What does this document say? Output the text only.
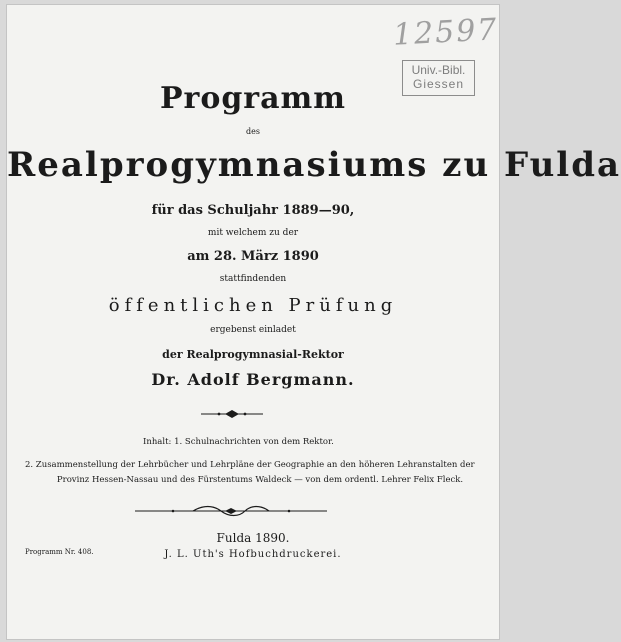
12597
Univ.-Bibl.
Giessen
Programm
des
Realprogymnasiums zu Fulda
für das Schuljahr 1889—90,
mit welchem zu der
am 28. März 1890
stattfindenden
öffentlichen Prüfung
ergebenst einladet
der Realprogymnasial-Rektor
Dr. Adolf Bergmann.
Inhalt: 1. Schulnachrichten von dem Rektor.
2. Zusammenstellung der Lehrbücher und Lehrpläne der Geographie an den höheren Lehranstalten der
Provinz Hessen-Nassau und des Fürstentums Waldeck — von dem ordentl. Lehrer Felix Fleck.
Programm Nr. 408.
Fulda 1890.
J. L. Uth's Hofbuchdruckerei.
